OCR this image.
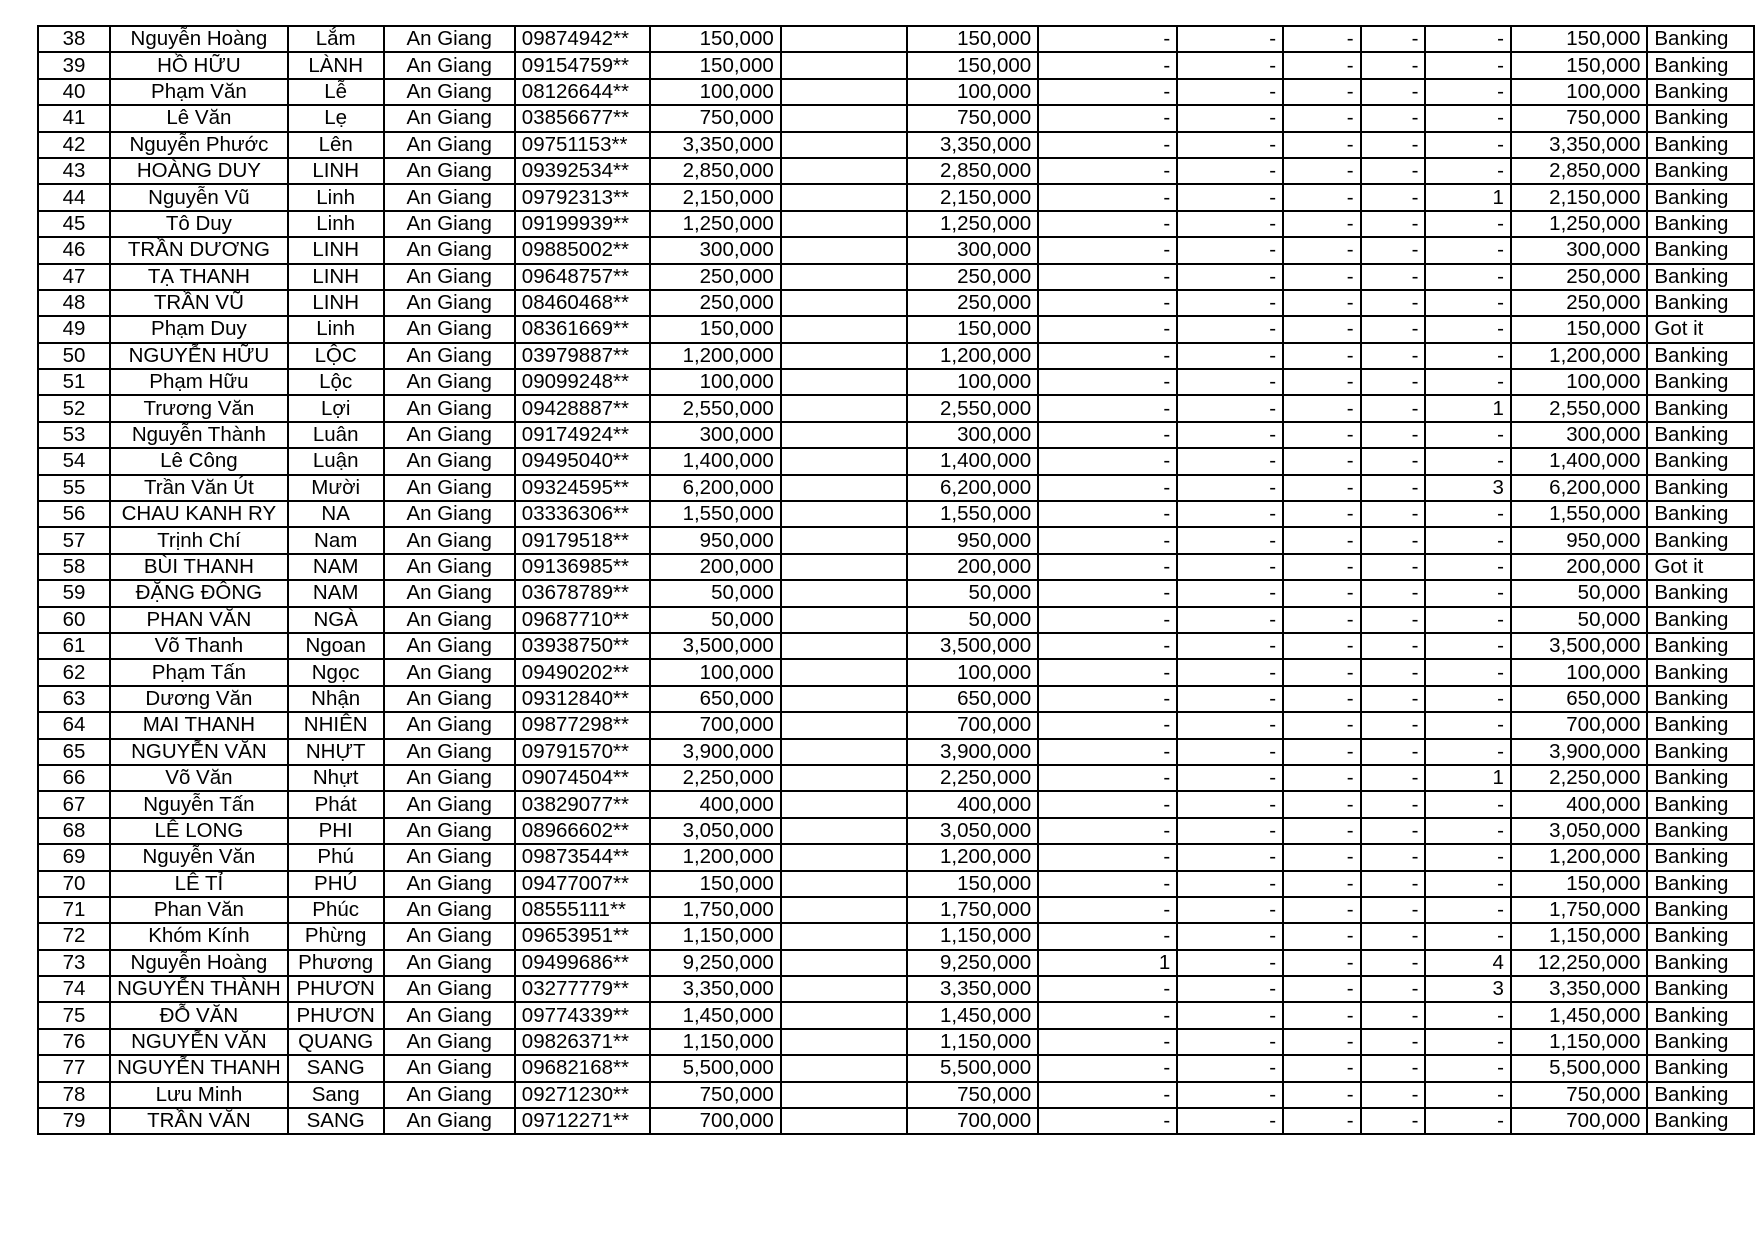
38	Nguyễn Hoàng	Lắm	An Giang	09874942**	150,000		150,000	-	-	-	-	-	150,000	Banking
39	HỒ HỮU	LÀNH	An Giang	09154759**	150,000		150,000	-	-	-	-	-	150,000	Banking
40	Phạm Văn	Lễ	An Giang	08126644**	100,000		100,000	-	-	-	-	-	100,000	Banking
41	Lê Văn	Lẹ	An Giang	03856677**	750,000		750,000	-	-	-	-	-	750,000	Banking
42	Nguyễn Phước	Lên	An Giang	09751153**	3,350,000		3,350,000	-	-	-	-	-	3,350,000	Banking
43	HOÀNG DUY	LINH	An Giang	09392534**	2,850,000		2,850,000	-	-	-	-	-	2,850,000	Banking
44	Nguyễn Vũ	Linh	An Giang	09792313**	2,150,000		2,150,000	-	-	-	-	1	2,150,000	Banking
45	Tô Duy	Linh	An Giang	09199939**	1,250,000		1,250,000	-	-	-	-	-	1,250,000	Banking
46	TRẦN DƯƠNG	LINH	An Giang	09885002**	300,000		300,000	-	-	-	-	-	300,000	Banking
47	TẠ THANH	LINH	An Giang	09648757**	250,000		250,000	-	-	-	-	-	250,000	Banking
48	TRẦN VŨ	LINH	An Giang	08460468**	250,000		250,000	-	-	-	-	-	250,000	Banking
49	Phạm Duy	Linh	An Giang	08361669**	150,000		150,000	-	-	-	-	-	150,000	Got it
50	NGUYỄN HỮU	LỘC	An Giang	03979887**	1,200,000		1,200,000	-	-	-	-	-	1,200,000	Banking
51	Phạm Hữu	Lộc	An Giang	09099248**	100,000		100,000	-	-	-	-	-	100,000	Banking
52	Trương Văn	Lợi	An Giang	09428887**	2,550,000		2,550,000	-	-	-	-	1	2,550,000	Banking
53	Nguyễn Thành	Luân	An Giang	09174924**	300,000		300,000	-	-	-	-	-	300,000	Banking
54	Lê Công	Luận	An Giang	09495040**	1,400,000		1,400,000	-	-	-	-	-	1,400,000	Banking
55	Trần Văn Út	Mười	An Giang	09324595**	6,200,000		6,200,000	-	-	-	-	3	6,200,000	Banking
56	CHAU KANH RY	NA	An Giang	03336306**	1,550,000		1,550,000	-	-	-	-	-	1,550,000	Banking
57	Trịnh Chí	Nam	An Giang	09179518**	950,000		950,000	-	-	-	-	-	950,000	Banking
58	BÙI THANH	NAM	An Giang	09136985**	200,000		200,000	-	-	-	-	-	200,000	Got it
59	ĐẶNG ĐÔNG	NAM	An Giang	03678789**	50,000		50,000	-	-	-	-	-	50,000	Banking
60	PHAN VĂN	NGÀ	An Giang	09687710**	50,000		50,000	-	-	-	-	-	50,000	Banking
61	Võ Thanh	Ngoan	An Giang	03938750**	3,500,000		3,500,000	-	-	-	-	-	3,500,000	Banking
62	Phạm Tấn	Ngọc	An Giang	09490202**	100,000		100,000	-	-	-	-	-	100,000	Banking
63	Dương Văn	Nhận	An Giang	09312840**	650,000		650,000	-	-	-	-	-	650,000	Banking
64	MAI THANH	NHIÊN	An Giang	09877298**	700,000		700,000	-	-	-	-	-	700,000	Banking
65	NGUYỄN VĂN	NHỰT	An Giang	09791570**	3,900,000		3,900,000	-	-	-	-	-	3,900,000	Banking
66	Võ Văn	Nhựt	An Giang	09074504**	2,250,000		2,250,000	-	-	-	-	1	2,250,000	Banking
67	Nguyễn Tấn	Phát	An Giang	03829077**	400,000		400,000	-	-	-	-	-	400,000	Banking
68	LÊ LONG	PHI	An Giang	08966602**	3,050,000		3,050,000	-	-	-	-	-	3,050,000	Banking
69	Nguyễn Văn	Phú	An Giang	09873544**	1,200,000		1,200,000	-	-	-	-	-	1,200,000	Banking
70	LÊ TỈ	PHÚ	An Giang	09477007**	150,000		150,000	-	-	-	-	-	150,000	Banking
71	Phan Văn	Phúc	An Giang	08555111**	1,750,000		1,750,000	-	-	-	-	-	1,750,000	Banking
72	Khóm Kính	Phừng	An Giang	09653951**	1,150,000		1,150,000	-	-	-	-	-	1,150,000	Banking
73	Nguyễn Hoàng	Phương	An Giang	09499686**	9,250,000		9,250,000	1	-	-	-	4	12,250,000	Banking
74	NGUYỄN THÀNH	PHƯƠN	An Giang	03277779**	3,350,000		3,350,000	-	-	-	-	3	3,350,000	Banking
75	ĐỖ VĂN	PHƯƠN	An Giang	09774339**	1,450,000		1,450,000	-	-	-	-	-	1,450,000	Banking
76	NGUYỄN VĂN	QUANG	An Giang	09826371**	1,150,000		1,150,000	-	-	-	-	-	1,150,000	Banking
77	NGUYỄN THANH	SANG	An Giang	09682168**	5,500,000		5,500,000	-	-	-	-	-	5,500,000	Banking
78	Lưu Minh	Sang	An Giang	09271230**	750,000		750,000	-	-	-	-	-	750,000	Banking
79	TRẦN VĂN	SANG	An Giang	09712271**	700,000		700,000	-	-	-	-	-	700,000	Banking
